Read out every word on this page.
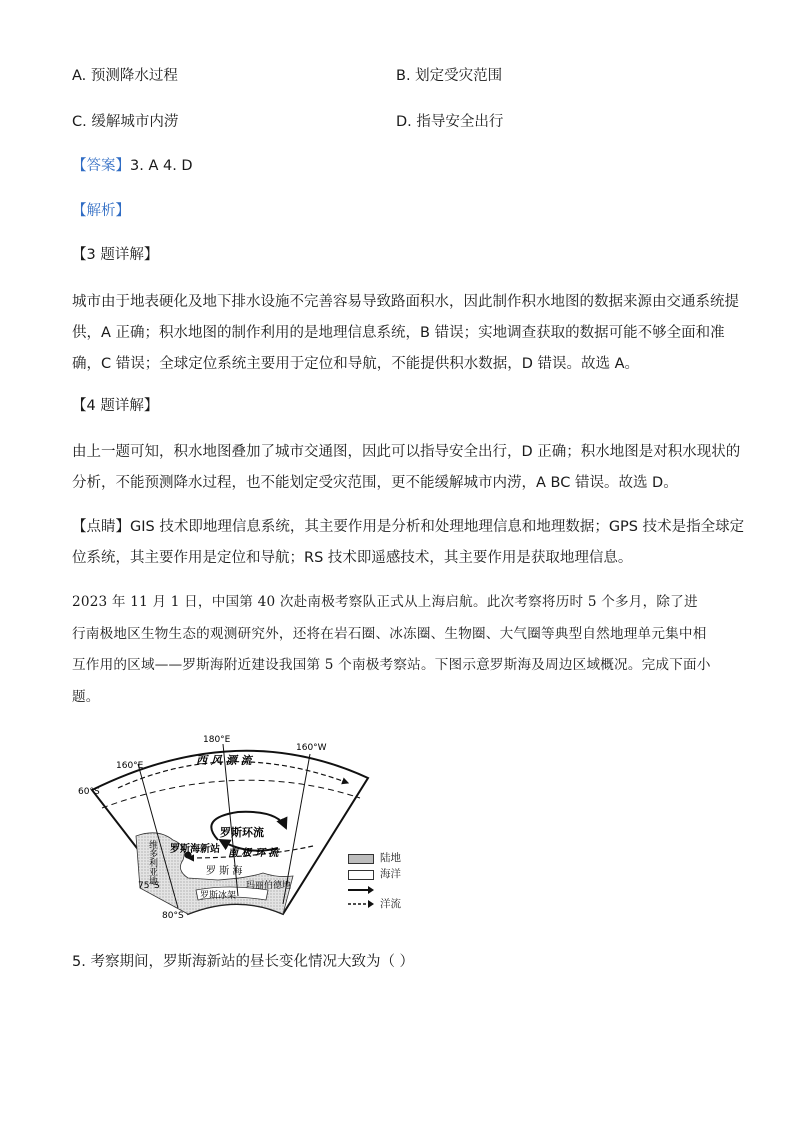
A. 预测降水过程	B. 划定受灾范围
C. 缓解城市内涝	D. 指导安全出行
【答案】3. A 4. D
【解析】
【3 题详解】

城市由于地表硬化及地下排水设施不完善容易导致路面积水，因此制作积水地图的数据来源由交通系统提

供，A 正确；积水地图的制作利用的是地理信息系统，B 错误；实地调查获取的数据可能不够全面和准

确，C 错误；全球定位系统主要用于定位和导航，不能提供积水数据，D 错误。故选 A。

【4 题详解】

由上一题可知，积水地图叠加了城市交通图，因此可以指导安全出行，D 正确；积水地图是对积水现状的

分析，不能预测降水过程，也不能划定受灾范围，更不能缓解城市内涝，A BC 错误。故选 D。

【点睛】GIS 技术即地理信息系统，其主要作用是分析和处理地理信息和地理数据；GPS 技术是指全球定

位系统，其主要作用是定位和导航；RS 技术即遥感技术，其主要作用是获取地理信息。

2023 年 11 月 1 日，中国第 40 次赴南极考察队正式从上海启航。此次考察将历时 5 个多月，除了进

行南极地区生物生态的观测研究外，还将在岩石圈、冰冻圈、生物圈、大气圈等典型自然地理单元集中相

互作用的区域——罗斯海附近建设我国第 5 个南极考察站。下图示意罗斯海及周边区域概况。完成下面小

题。

160°E
180°E
160°W
60°S
75°S
80°S
西 风 漂 流
罗斯环流
南 极 环 流
罗斯海新站
罗 斯 海
罗斯冰架
玛丽伯德地
维多利亚地	陆地
海洋
洋流
5. 考察期间，罗斯海新站的昼长变化情况大致为（ ）
